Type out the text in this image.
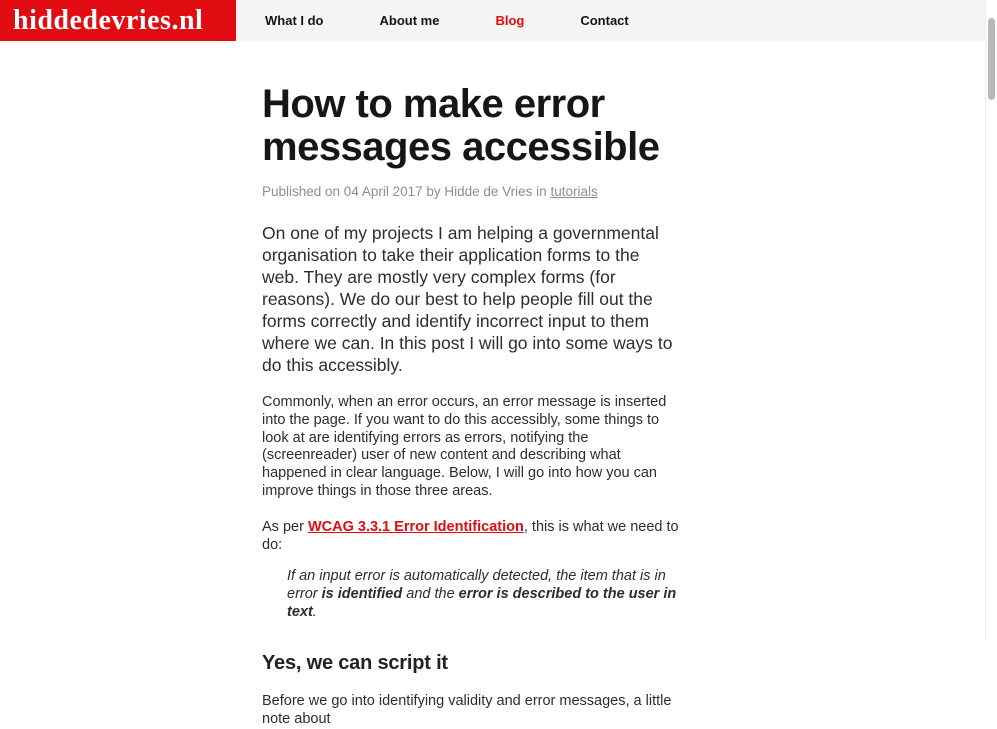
hiddedevries.nl	What I do	About me	Blog	Contact
How to make error messages accessible

Published on 04 April 2017 by Hidde de Vries in tutorials

On one of my projects I am helping a governmental organisation to take their application forms to the web. They are mostly very complex forms (for reasons). We do our best to help people fill out the forms correctly and identify incorrect input to them where we can. In this post I will go into some ways to do this accessibly.

Commonly, when an error occurs, an error message is inserted into the page. If you want to do this accessibly, some things to look at are identifying errors as errors, notifying the (screenreader) user of new content and describing what happened in clear language. Below, I will go into how you can improve things in those three areas.

As per WCAG 3.3.1 Error Identification, this is what we need to do:

If an input error is automatically detected, the item that is in error is identified and the error is described to the user in text.
Yes, we can script it

Before we go into identifying validity and error messages, a little note about
